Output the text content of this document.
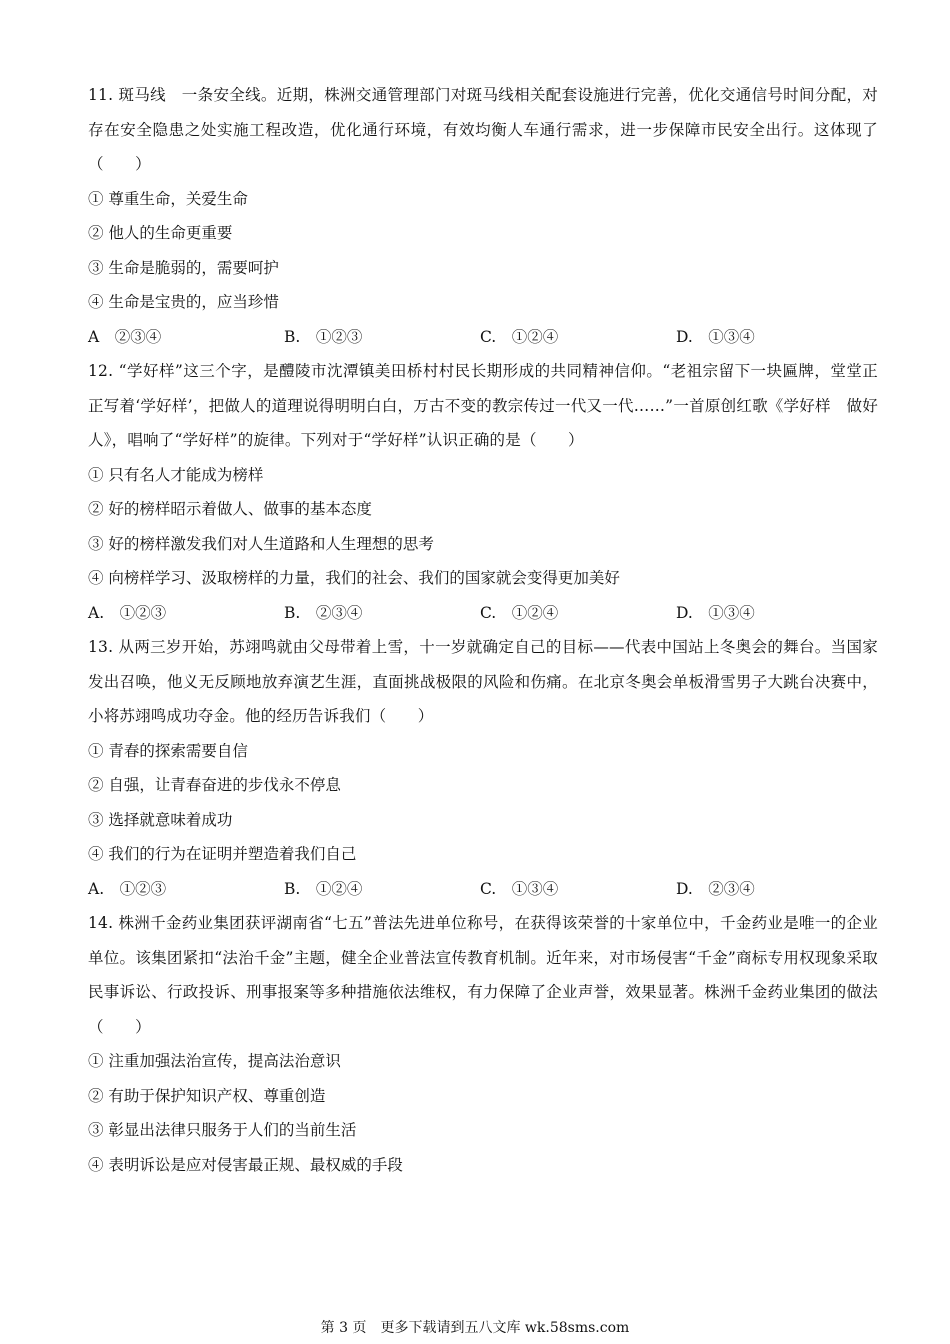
11. 斑马线　一条安全线。近期，株洲交通管理部门对斑马线相关配套设施进行完善，优化交通信号时间分配，对存在安全隐患之处实施工程改造，优化通行环境，有效均衡人车通行需求，进一步保障市民安全出行。这体现了（　　）

① 尊重生命，关爱生命

② 他人的生命更重要

③ 生命是脆弱的，需要呵护

④ 生命是宝贵的，应当珍惜

A　②③④	B.　①②③	C.　①②④	D.　①③④

12. “学好样”这三个字，是醴陵市沈潭镇美田桥村村民长期形成的共同精神信仰。“老祖宗留下一块匾牌，堂堂正正写着‘学好样’，把做人的道理说得明明白白，万古不变的教宗传过一代又一代……”一首原创红歌《学好样　做好人》，唱响了“学好样”的旋律。下列对于“学好样”认识正确的是（　　）

① 只有名人才能成为榜样

② 好的榜样昭示着做人、做事的基本态度

③ 好的榜样激发我们对人生道路和人生理想的思考

④ 向榜样学习、汲取榜样的力量，我们的社会、我们的国家就会变得更加美好

A.　①②③	B.　②③④	C.　①②④	D.　①③④

13. 从两三岁开始，苏翊鸣就由父母带着上雪，十一岁就确定自己的目标——代表中国站上冬奥会的舞台。当国家发出召唤，他义无反顾地放弃演艺生涯，直面挑战极限的风险和伤痛。在北京冬奥会单板滑雪男子大跳台决赛中，小将苏翊鸣成功夺金。他的经历告诉我们（　　）

① 青春的探索需要自信

② 自强，让青春奋进的步伐永不停息

③ 选择就意味着成功

④ 我们的行为在证明并塑造着我们自己

A.　①②③	B.　①②④	C.　①③④	D.　②③④

14. 株洲千金药业集团获评湖南省“七五”普法先进单位称号，在获得该荣誉的十家单位中，千金药业是唯一的企业单位。该集团紧扣“法治千金”主题，健全企业普法宣传教育机制。近年来，对市场侵害“千金”商标专用权现象采取民事诉讼、行政投诉、刑事报案等多种措施依法维权，有力保障了企业声誉，效果显著。株洲千金药业集团的做法（　　）

① 注重加强法治宣传，提高法治意识

② 有助于保护知识产权、尊重创造

③ 彰显出法律只服务于人们的当前生活

④ 表明诉讼是应对侵害最正规、最权威的手段

第 3 页　更多下载请到五八文库 wk.58sms.com
